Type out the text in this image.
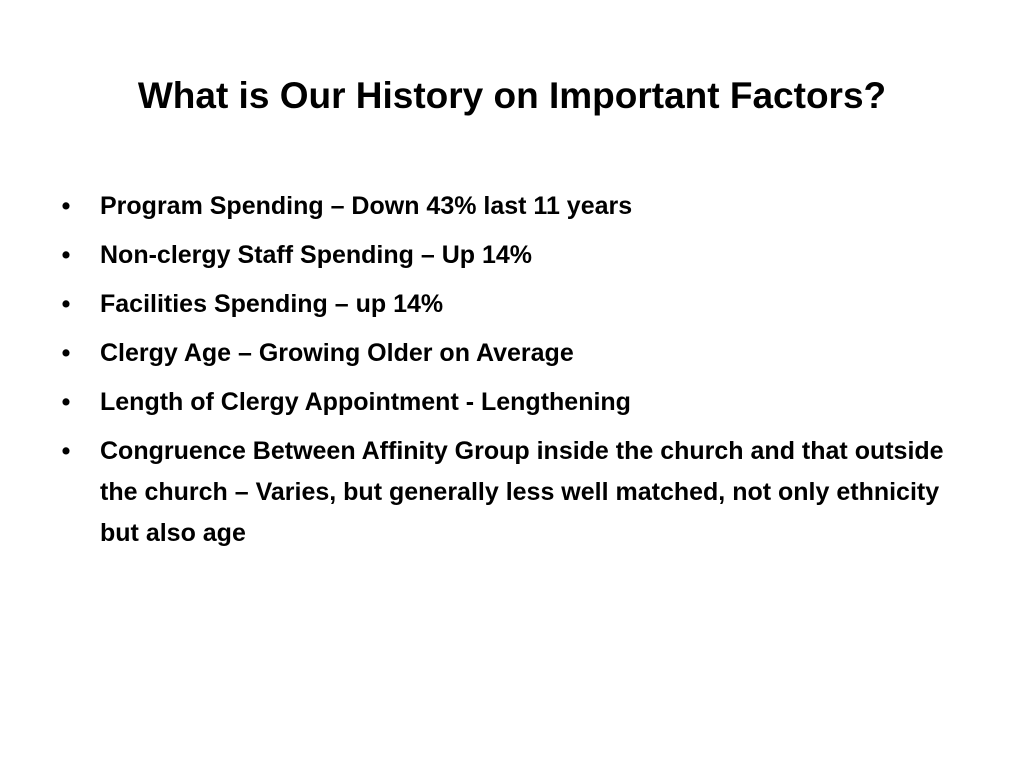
What is Our History on Important Factors?
• Program Spending – Down 43% last 11 years
• Non-clergy Staff Spending – Up 14%
• Facilities Spending – up 14%
• Clergy Age – Growing Older on Average
• Length of Clergy Appointment - Lengthening
• Congruence Between Affinity Group inside the church and that outside the church – Varies, but generally less well matched, not only ethnicity but also age
